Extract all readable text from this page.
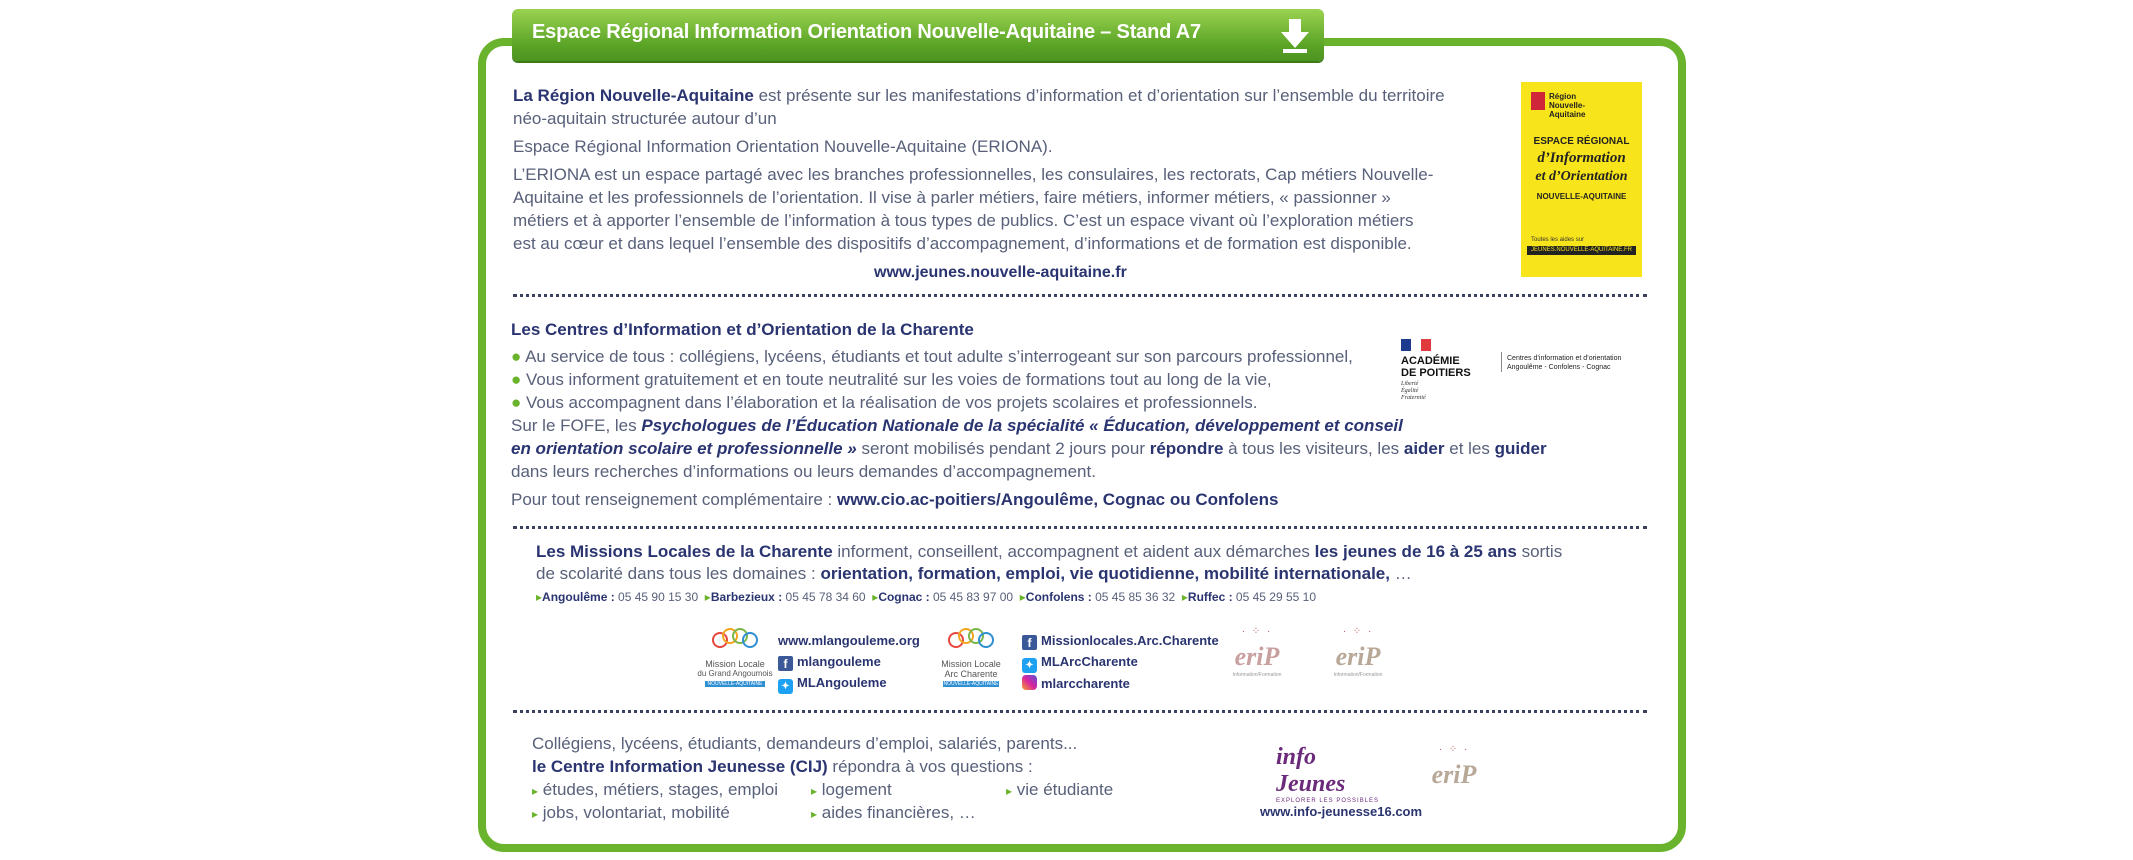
Espace Régional Information Orientation Nouvelle-Aquitaine – Stand A7
La Région Nouvelle-Aquitaine est présente sur les manifestations d’information et d’orientation sur l’ensemble du territoire
néo-aquitain structurée autour d’un
Espace Régional Information Orientation Nouvelle-Aquitaine (ERIONA).
L’ERIONA est un espace partagé avec les branches professionnelles, les consulaires, les rectorats, Cap métiers Nouvelle-
Aquitaine et les professionnels de l’orientation. Il vise à parler métiers, faire métiers, informer métiers, « passionner »
métiers et à apporter l’ensemble de l’information à tous types de publics. C’est un espace vivant où l’exploration métiers
est au cœur et dans lequel l’ensemble des dispositifs d’accompagnement, d’informations et de formation est disponible.
www.jeunes.nouvelle-aquitaine.fr
Région Nouvelle-Aquitaine
ESPACE RÉGIONAL
d’Information
et d’Orientation
NOUVELLE-AQUITAINE
Toutes les aides sur
JEUNES.NOUVELLE-AQUITAINE.FR
Les Centres d’Information et d’Orientation de la Charente
● Au service de tous : collégiens, lycéens, étudiants et tout adulte s’interrogeant sur son parcours professionnel,
● Vous informent gratuitement et en toute neutralité sur les voies de formations tout au long de la vie,
● Vous accompagnent dans l’élaboration et la réalisation de vos projets scolaires et professionnels.
Sur le FOFE, les Psychologues de l’Éducation Nationale de la spécialité « Éducation, développement et conseil
en orientation scolaire et professionnelle » seront mobilisés pendant 2 jours pour répondre à tous les visiteurs, les aider et les guider
dans leurs recherches d’informations ou leurs demandes d’accompagnement.
Pour tout renseignement complémentaire : www.cio.ac-poitiers/Angoulême, Cognac ou Confolens
ACADÉMIE
DE POITIERS
Liberté
Égalité
Fraternité
Centres d’information et d’orientation
Angoulême - Confolens - Cognac
Les Missions Locales de la Charente informent, conseillent, accompagnent et aident aux démarches les jeunes de 16 à 25 ans sortis
de scolarité dans tous les domaines : orientation, formation, emploi, vie quotidienne, mobilité internationale, …
▸Angoulême : 05 45 90 15 30 ▸Barbezieux : 05 45 78 34 60 ▸Cognac : 05 45 83 97 00 ▸Confolens : 05 45 85 36 32 ▸Ruffec : 05 45 29 55 10
Mission Locale
du Grand Angoumois
NOUVELLE-AQUITAINE
www.mlangouleme.org
f mlangouleme
✦ MLAngouleme
Mission Locale
Arc Charente
NOUVELLE-AQUITAINE
f Missionlocales.Arc.Charente
✦ MLArcCharente
mlarccharente
· ⁘ ·
eriP
Information/Formation
· ⁘ ·
eriP
Information/Formation
Collégiens, lycéens, étudiants, demandeurs d’emploi, salariés, parents...
le Centre Information Jeunesse (CIJ) répondra à vos questions :
▸ études, métiers, stages, emploi
▸ jobs, volontariat, mobilité
▸ logement
▸ aides financières, …
▸ vie étudiante
info Jeunes
EXPLORER LES POSSIBLES
www.info-jeunesse16.com
· ⁘ ·
eriP
